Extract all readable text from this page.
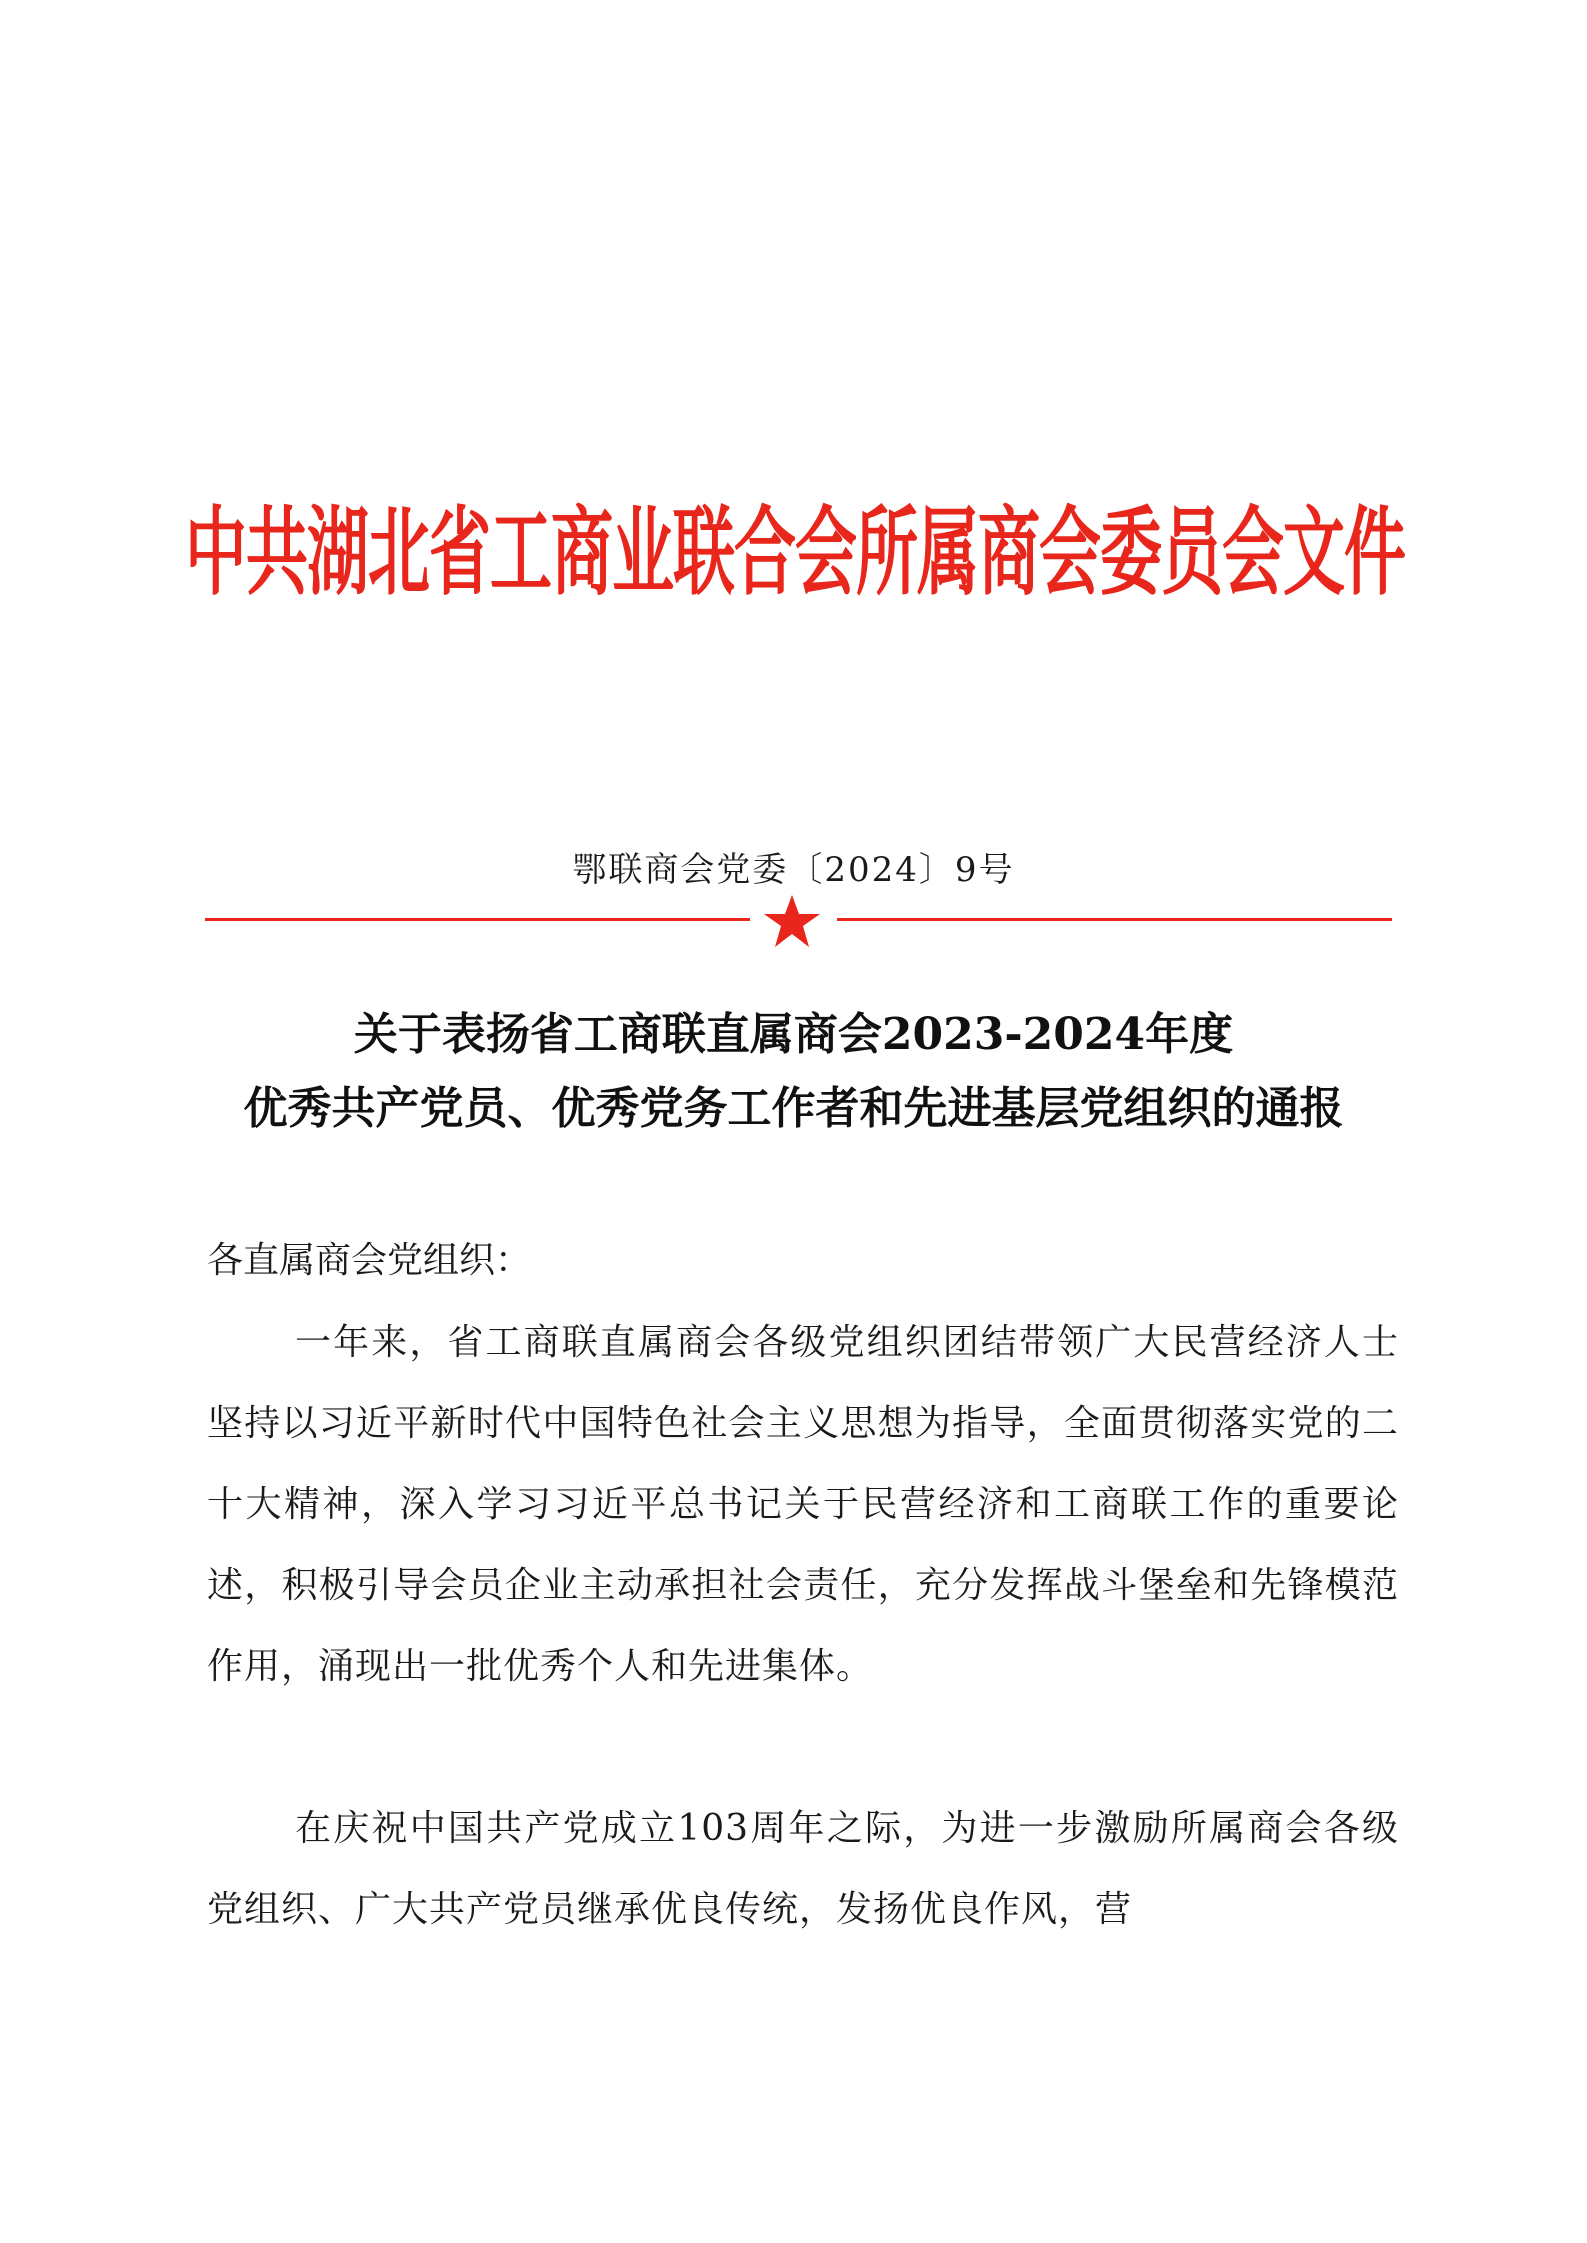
中共湖北省工商业联合会所属商会委员会文件
鄂联商会党委〔2024〕9号
关于表扬省工商联直属商会2023-2024年度
优秀共产党员、优秀党务工作者和先进基层党组织的通报
各直属商会党组织：
一年来，省工商联直属商会各级党组织团结带领广大民营经济人士坚持以习近平新时代中国特色社会主义思想为指导，全面贯彻落实党的二十大精神，深入学习习近平总书记关于民营经济和工商联工作的重要论述，积极引导会员企业主动承担社会责任，充分发挥战斗堡垒和先锋模范作用，涌现出一批优秀个人和先进集体。
在庆祝中国共产党成立103周年之际，为进一步激励所属商会各级党组织、广大共产党员继承优良传统，发扬优良作风，营
